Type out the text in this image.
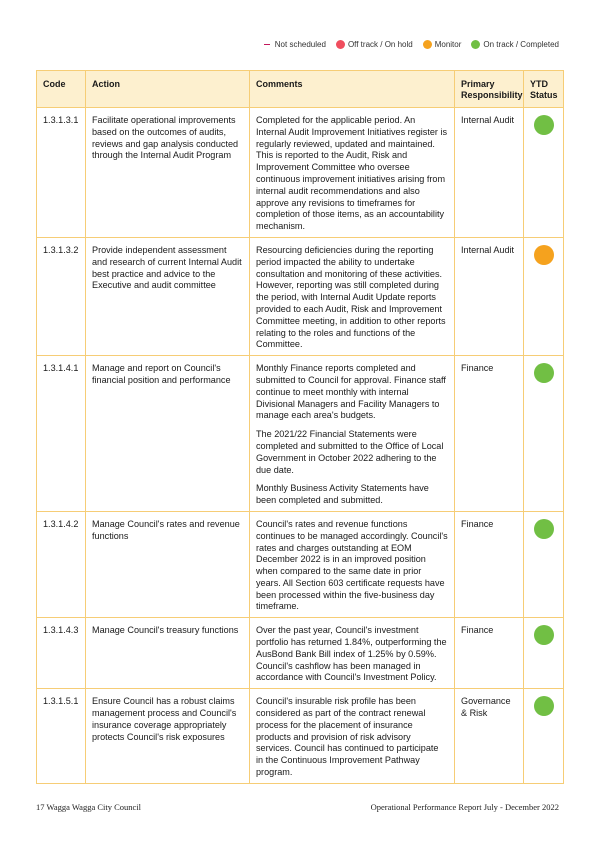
Not scheduled	Off track / On hold	Monitor	On track / Completed
Code	Action	Comments	Primary Responsibility	YTD Status
1.3.1.3.1	Facilitate operational improvements based on the outcomes of audits, reviews and gap analysis conducted through the Internal Audit Program	Completed for the applicable period. An Internal Audit Improvement Initiatives register is regularly reviewed, updated and maintained. This is reported to the Audit, Risk and Improvement Committee who oversee continuous improvement initiatives arising from internal audit recommendations and also approve any revisions to timeframes for completion of those items, as an accountability mechanism.	Internal Audit	

1.3.1.3.2	Provide independent assessment and research of current Internal Audit best practice and advice to the Executive and audit committee	Resourcing deficiencies during the reporting period impacted the ability to undertake consultation and monitoring of these activities. However, reporting was still completed during the period, with Internal Audit Update reports provided to each Audit, Risk and Improvement Committee meeting, in addition to other reports relating to the roles and functions of the Committee.	Internal Audit	

1.3.1.4.1	Manage and report on Council's financial position and performance	Monthly Finance reports completed and submitted to Council for approval. Finance staff continue to meet monthly with internal Divisional Managers and Facility Managers to manage each area's budgets.
The 2021/22 Financial Statements were completed and submitted to the Office of Local Government in October 2022 adhering to the due date.
Monthly Business Activity Statements have been completed and submitted.	Finance	

1.3.1.4.2	Manage Council's rates and revenue functions	Council's rates and revenue functions continues to be managed accordingly. Council's rates and charges outstanding at EOM December 2022 is in an improved position when compared to the same date in prior years. All Section 603 certificate requests have been processed within the five-business day timeframe.	Finance	

1.3.1.4.3	Manage Council's treasury functions	Over the past year, Council's investment portfolio has returned 1.84%, outperforming the AusBond Bank Bill index of 1.25% by 0.59%. Council's cashflow has been managed in accordance with Council's Investment Policy.	Finance	

1.3.1.5.1	Ensure Council has a robust claims management process and Council's insurance coverage appropriately protects Council's risk exposures	Council's insurable risk profile has been considered as part of the contract renewal process for the placement of insurance products and provision of risk advisory services. Council has continued to participate in the Continuous Improvement Pathway program.	Governance & Risk	
17 Wagga Wagga City Council	Operational Performance Report July - December 2022
